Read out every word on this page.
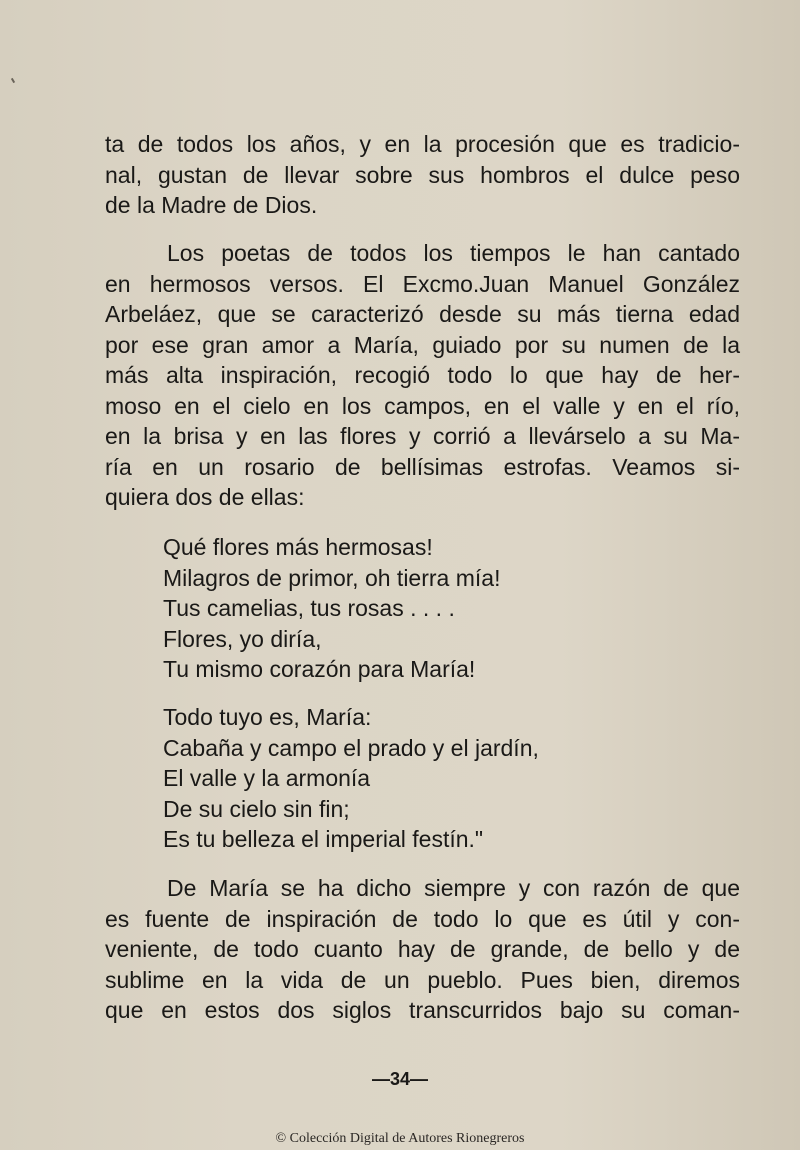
ta de todos los años, y en la procesión que es tradicio-
nal, gustan de llevar sobre sus hombros el dulce peso
de la Madre de Dios.

Los poetas de todos los tiempos le han cantado
en hermosos versos. El Excmo.Juan Manuel González
Arbeláez, que se caracterizó desde su más tierna edad
por ese gran amor a María, guiado por su numen de la
más alta inspiración, recogió todo lo que hay de her-
moso en el cielo en los campos, en el valle y en el río,
en la brisa y en las flores y corrió a llevárselo a su Ma-
ría en un rosario de bellísimas estrofas. Veamos si-
quiera dos de ellas:

Qué flores más hermosas!
Milagros de primor, oh tierra mía!
Tus camelias, tus rosas . . . .
Flores, yo diría,
Tu mismo corazón para María!

Todo tuyo es, María:
Cabaña y campo el prado y el jardín,
El valle y la armonía
De su cielo sin fin;
Es tu belleza el imperial festín."

De María se ha dicho siempre y con razón de que
es fuente de inspiración de todo lo que es útil y con-
veniente, de todo cuanto hay de grande, de bello y de
sublime en la vida de un pueblo. Pues bien, diremos
que en estos dos siglos transcurridos bajo su coman-

—34—
© Colección Digital de Autores Rionegreros
